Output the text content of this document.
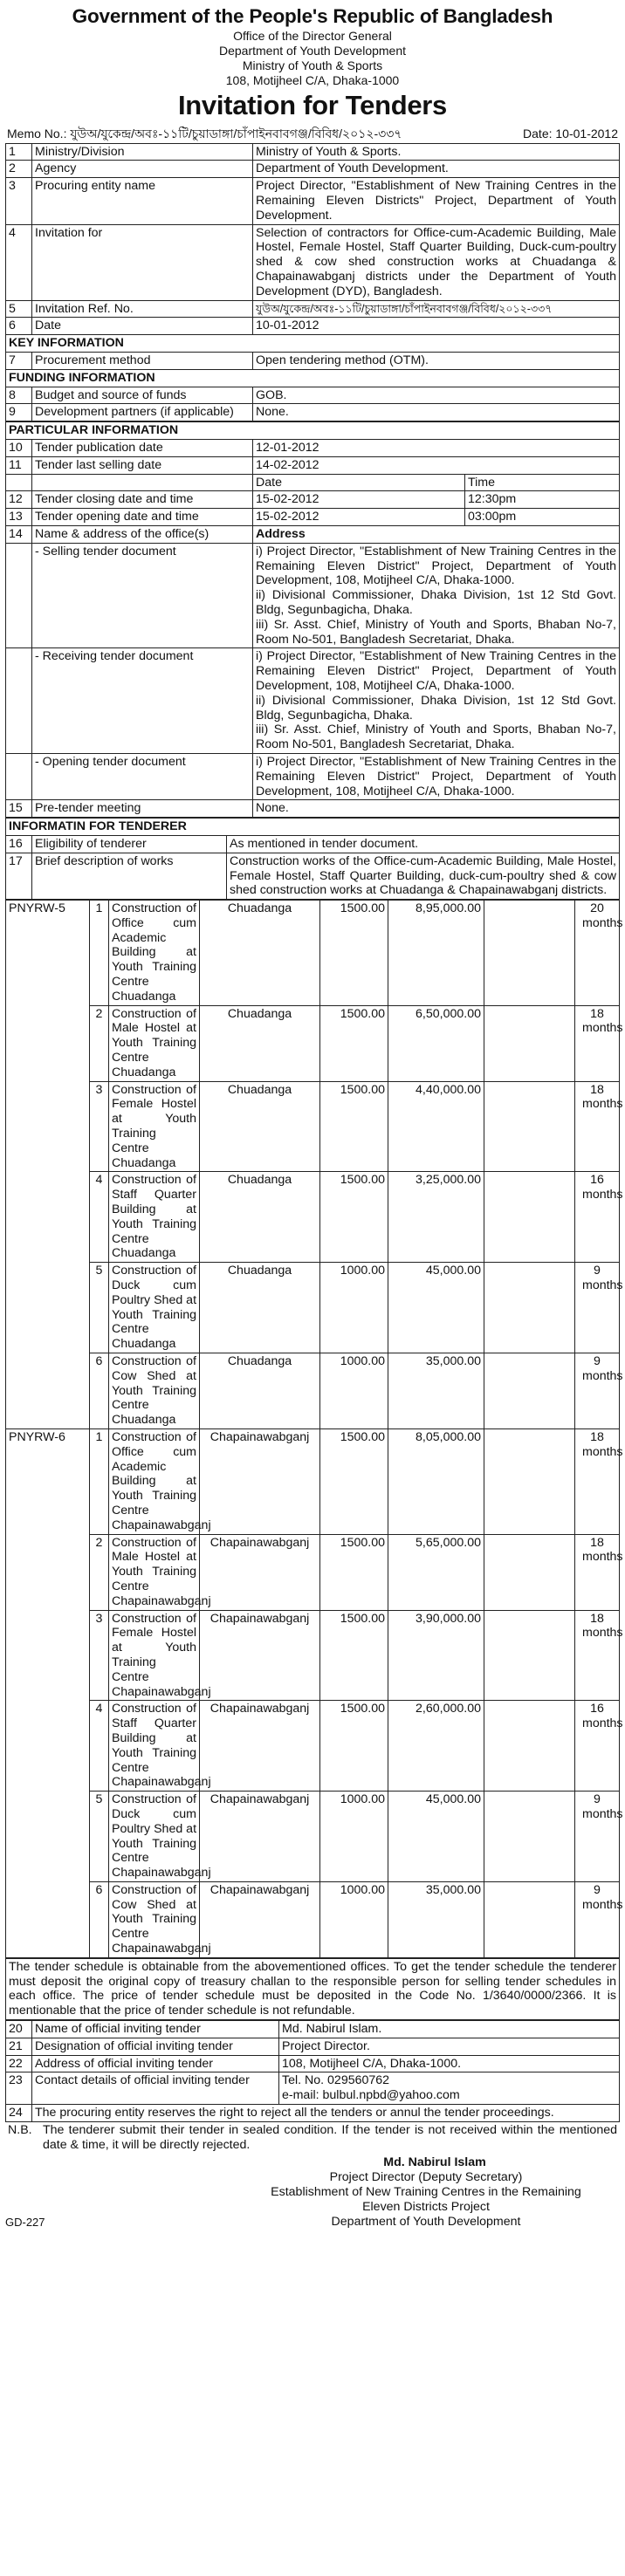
Government of the People's Republic of Bangladesh
Office of the Director General
Department of Youth Development
Ministry of Youth & Sports
108, Motijheel C/A, Dhaka-1000
Invitation for Tenders
Memo No.: যুউঅ/যুকেন্দ্র/অবঃ-১১টি/চুয়াডাঙ্গা/চাঁপাইনবাবগঞ্জ/বিবিধ/২০১২-৩৩৭	Date: 10-01-2012
1	Ministry/Division	Ministry of Youth & Sports.
2	Agency	Department of Youth Development.
3	Procuring entity name	Project Director, "Establishment of New Training Centres in the Remaining Eleven Districts" Project, Department of Youth Development.
4	Invitation for	Selection of contractors for Office-cum-Academic Building, Male Hostel, Female Hostel, Staff Quarter Building, Duck-cum-poultry shed & cow shed construction works at Chuadanga & Chapainawabganj districts under the Department of Youth Development (DYD), Bangladesh.
5	Invitation Ref. No.	যুউঅ/যুকেন্দ্র/অবঃ-১১টি/চুয়াডাঙ্গা/চাঁপাইনবাবগঞ্জ/বিবিধ/২০১২-৩৩৭
6	Date	10-01-2012
KEY INFORMATION		
7	Procurement method	Open tendering method (OTM).
FUNDING INFORMATION		
8	Budget and source of funds	GOB.
9	Development partners (if applicable)	None.
PARTICULAR INFORMATION			
10	Tender publication date	12-01-2012	
11	Tender last selling date	14-02-2012	
		Date	Time
12	Tender closing date and time	15-02-2012	12:30pm
13	Tender opening date and time	15-02-2012	03:00pm
14	Name & address of the office(s)	Address	
	- Selling tender document	i) Project Director, "Establishment of New Training Centres in the Remaining Eleven District" Project, Department of Youth Development, 108, Motijheel C/A, Dhaka-1000.
ii) Divisional Commissioner, Dhaka Division, 1st 12 Std Govt. Bldg, Segunbagicha, Dhaka.
iii) Sr. Asst. Chief, Ministry of Youth and Sports, Bhaban No-7, Room No-501, Bangladesh Secretariat, Dhaka.	

	- Receiving tender document	i) Project Director, "Establishment of New Training Centres in the Remaining Eleven District" Project, Department of Youth Development, 108, Motijheel C/A, Dhaka-1000.
ii) Divisional Commissioner, Dhaka Division, 1st 12 Std Govt. Bldg, Segunbagicha, Dhaka.
iii) Sr. Asst. Chief, Ministry of Youth and Sports, Bhaban No-7, Room No-501, Bangladesh Secretariat, Dhaka.	

	- Opening tender document	i) Project Director, "Establishment of New Training Centres in the Remaining Eleven District" Project, Department of Youth Development, 108, Motijheel C/A, Dhaka-1000.	
15	Pre-tender meeting	None.	
INFORMATIN FOR TENDERER		
16	Eligibility of tenderer	As mentioned in tender document.
17	Brief description of works	Construction works of the Office-cum-Academic Building, Male Hostel, Female Hostel, Staff Quarter Building, duck-cum-poultry shed & cow shed construction works at Chuadanga & Chapainawabganj districts.
PNYRW-5	1	Construction of Office cum Academic Building at Youth Training Centre Chuadanga	Chuadanga	1500.00	8,95,000.00		20 months
	2	Construction of Male Hostel at Youth Training Centre Chuadanga	Chuadanga	1500.00	6,50,000.00		18 months
	3	Construction of Female Hostel at Youth Training Centre Chuadanga	Chuadanga	1500.00	4,40,000.00		18 months
	4	Construction of Staff Quarter Building at Youth Training Centre Chuadanga	Chuadanga	1500.00	3,25,000.00		16 months
	5	Construction of Duck cum Poultry Shed at Youth Training Centre Chuadanga	Chuadanga	1000.00	45,000.00		9 months
	6	Construction of Cow Shed at Youth Training Centre Chuadanga	Chuadanga	1000.00	35,000.00		9 months
PNYRW-6	1	Construction of Office cum Academic Building at Youth Training Centre Chapainawabganj	Chapainawabganj	1500.00	8,05,000.00		18 months
	2	Construction of Male Hostel at Youth Training Centre Chapainawabganj	Chapainawabganj	1500.00	5,65,000.00		18 months
	3	Construction of Female Hostel at Youth Training Centre Chapainawabganj	Chapainawabganj	1500.00	3,90,000.00		18 months
	4	Construction of Staff Quarter Building at Youth Training Centre Chapainawabganj	Chapainawabganj	1500.00	2,60,000.00		16 months
	5	Construction of Duck cum Poultry Shed at Youth Training Centre Chapainawabganj	Chapainawabganj	1000.00	45,000.00		9 months
	6	Construction of Cow Shed at Youth Training Centre Chapainawabganj	Chapainawabganj	1000.00	35,000.00		9 months
The tender schedule is obtainable from the abovementioned offices. To get the tender schedule the tenderer must deposit the original copy of treasury challan to the responsible person for selling tender schedules in each office. The price of tender schedule must be deposited in the Code No. 1/3640/0000/2366. It is mentionable that the price of tender schedule is not refundable.
20	Name of official inviting tender	Md. Nabirul Islam.
21	Designation of official inviting tender	Project Director.
22	Address of official inviting tender	108, Motijheel C/A, Dhaka-1000.
23	Contact details of official inviting tender	Tel. No. 029560762
e-mail: bulbul.npbd@yahoo.com

24	The procuring entity reserves the right to reject all the tenders or annul the tender proceedings.	
N.B.	The tenderer submit their tender in sealed condition. If the tender is not received within the mentioned date & time, it will be directly rejected.
Md. Nabirul Islam
Project Director (Deputy Secretary)
Establishment of New Training Centres in the Remaining
Eleven Districts Project
Department of Youth Development
GD-227
